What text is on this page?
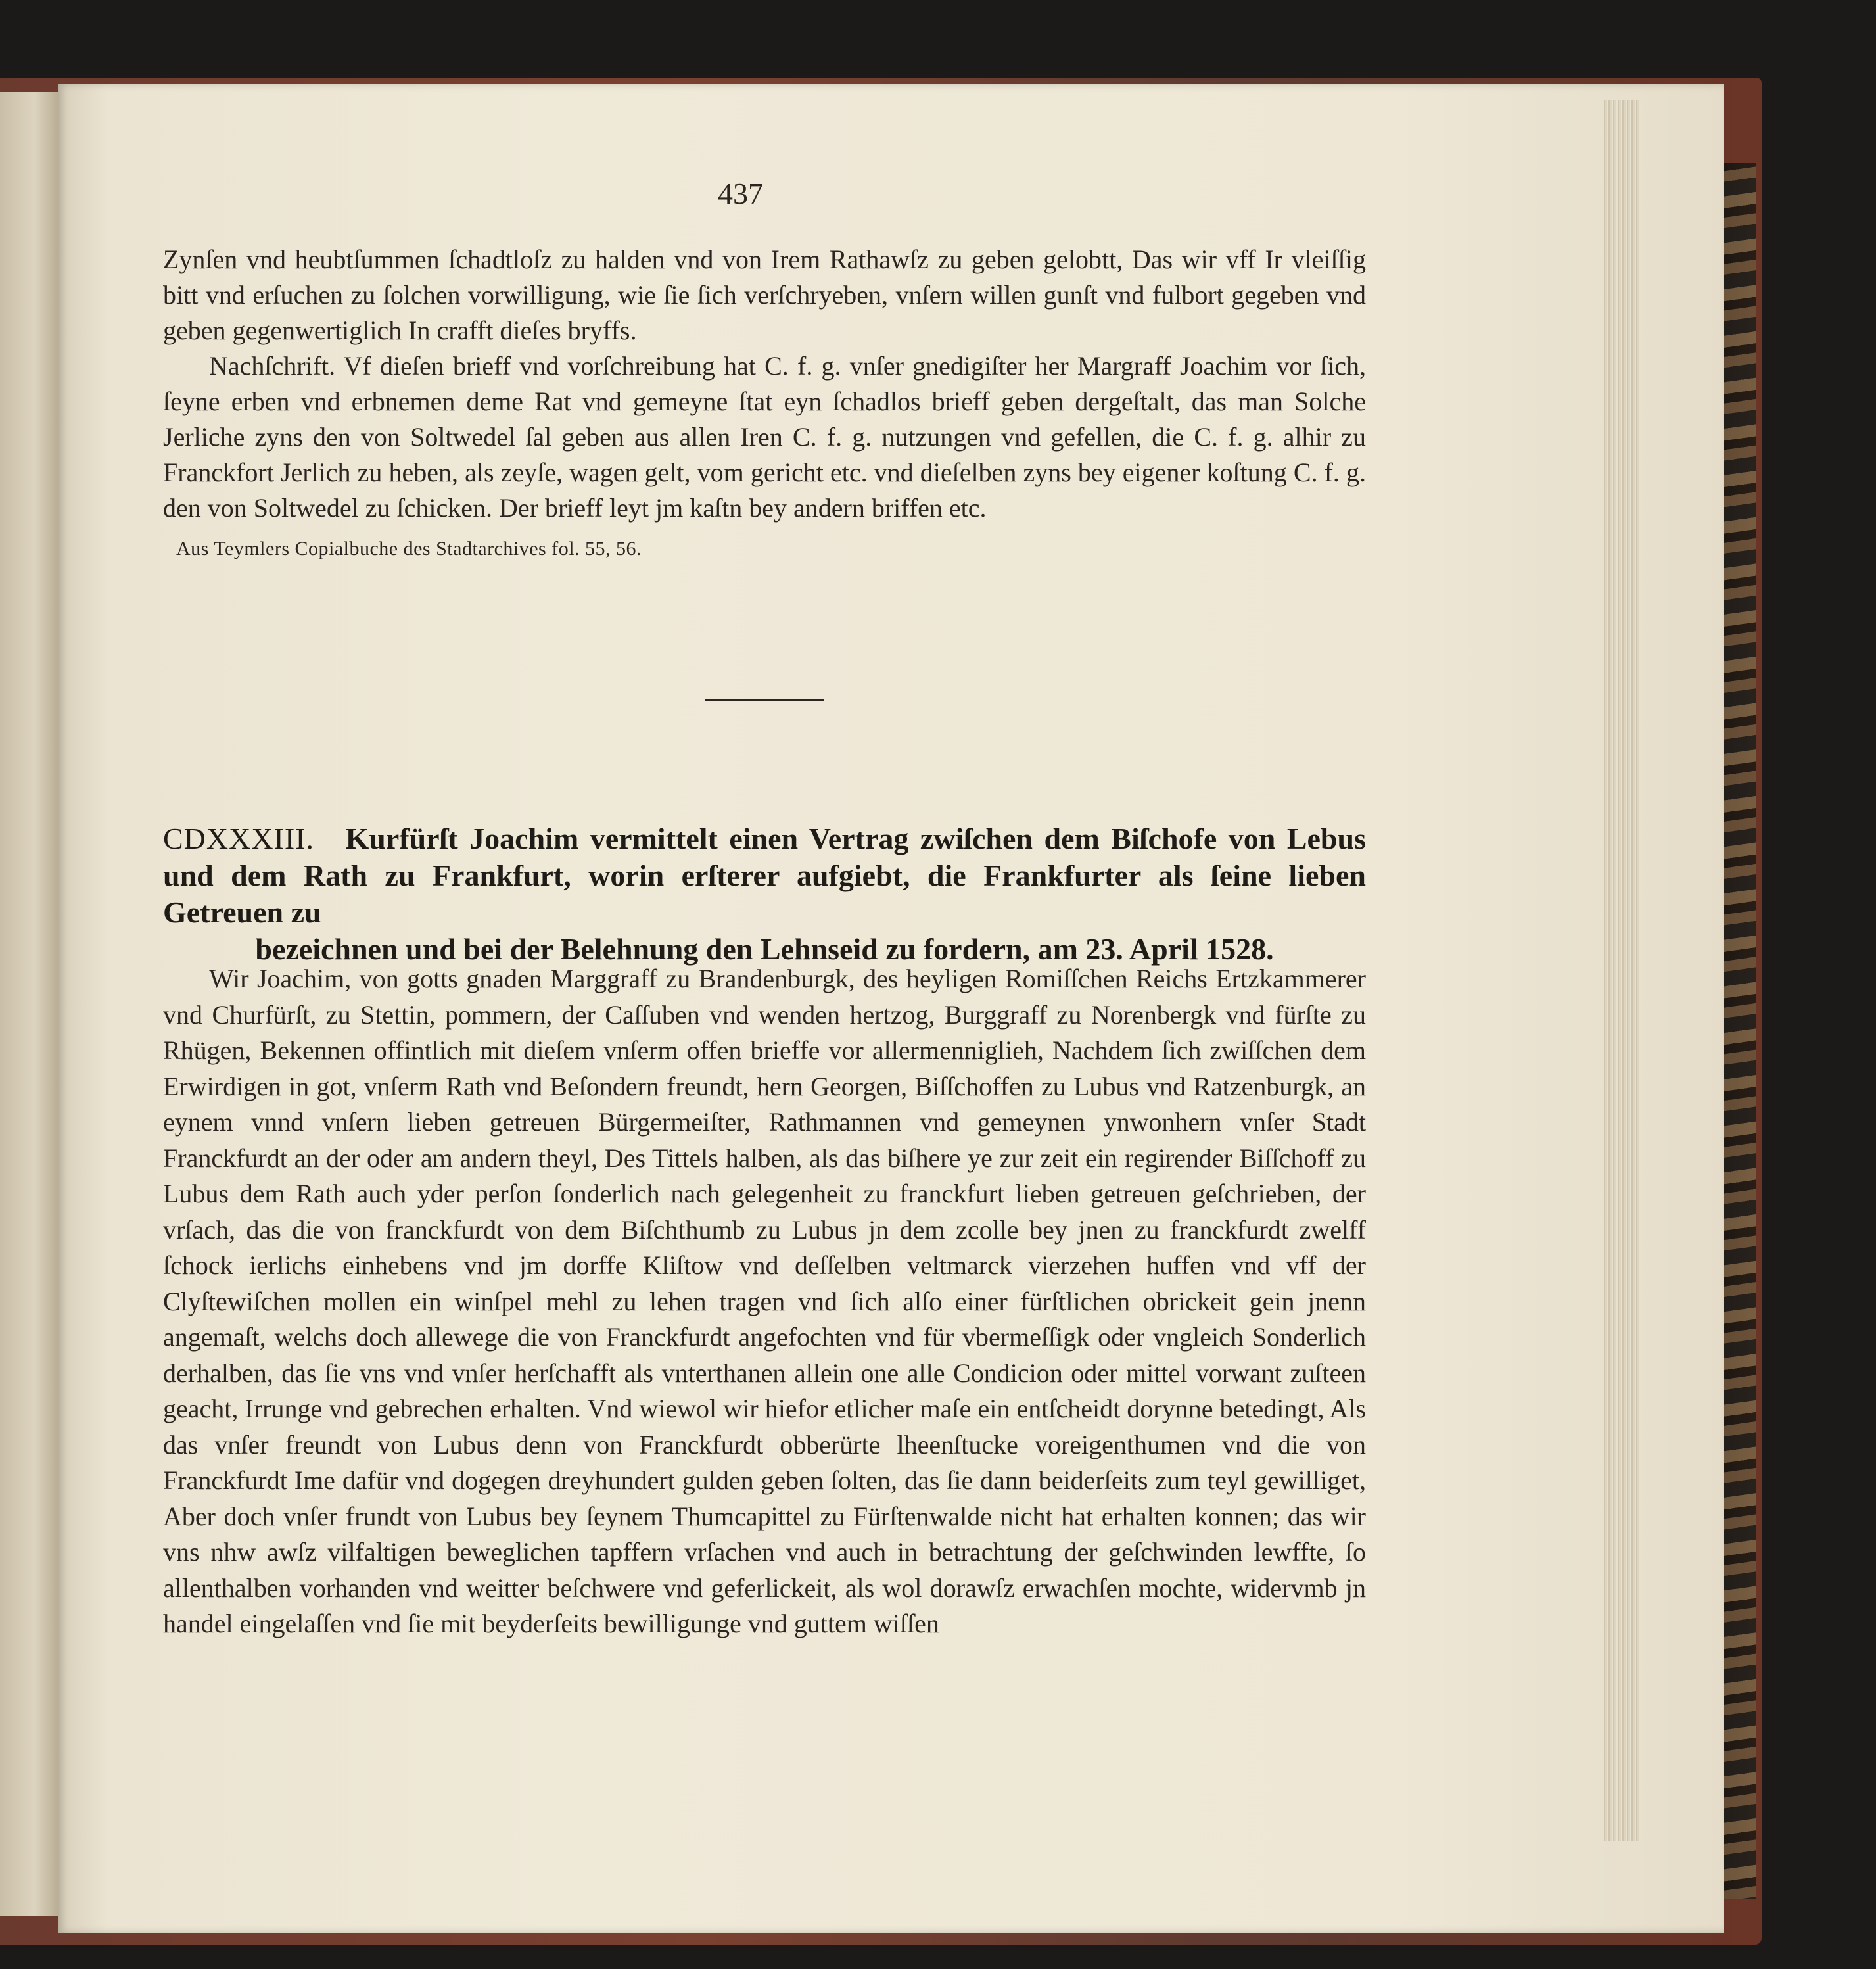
437

Zynſen vnd heubtſummen ſchadtloſz zu halden vnd von Irem Rathawſz zu geben gelobtt, Das wir vff Ir vleiſſig bitt vnd erſuchen zu ſolchen vorwilligung, wie ſie ſich verſchryeben, vnſern willen gunſt vnd fulbort gegeben vnd geben gegenwertiglich In crafft dieſes bryffs.

Nachſchrift. Vf dieſen brieff vnd vorſchreibung hat C. f. g. vnſer gnedigiſter her Margraff Joachim vor ſich, ſeyne erben vnd erbnemen deme Rat vnd gemeyne ſtat eyn ſchadlos brieff geben dergeſtalt, das man Solche Jerliche zyns den von Soltwedel ſal geben aus allen Iren C. f. g. nutzungen vnd gefellen, die C. f. g. alhir zu Franckfort Jerlich zu heben, als zeyſe, wagen gelt, vom gericht etc. vnd dieſelben zyns bey eigener koſtung C. f. g. den von Soltwedel zu ſchicken. Der brieff leyt jm kaſtn bey andern briffen etc.

Aus Teymlers Copialbuche des Stadtarchives fol. 55, 56.

CDXXXIII. Kurfürſt Joachim vermittelt einen Vertrag zwiſchen dem Biſchofe von Lebus und dem Rath zu Frankfurt, worin erſterer aufgiebt, die Frankfurter als ſeine lieben Getreuen zu
bezeichnen und bei der Belehnung den Lehnseid zu fordern, am 23. April 1528.

Wir Joachim, von gotts gnaden Marggraff zu Brandenburgk, des heyligen Romiſſchen Reichs Ertzkammerer vnd Churfürſt, zu Stettin, pommern, der Caſſuben vnd wenden hertzog, Burggraff zu Norenbergk vnd fürſte zu Rhügen, Bekennen offintlich mit dieſem vnſerm offen brieffe vor allermenniglieh, Nachdem ſich zwiſſchen dem Erwirdigen in got, vnſerm Rath vnd Beſondern freundt, hern Georgen, Biſſchoffen zu Lubus vnd Ratzenburgk, an eynem vnnd vnſern lieben getreuen Bürgermeiſter, Rathmannen vnd gemeynen ynwonhern vnſer Stadt Franckfurdt an der oder am andern theyl, Des Tittels halben, als das biſhere ye zur zeit ein regirender Biſſchoff zu Lubus dem Rath auch yder perſon ſonderlich nach gelegenheit zu franckfurt lieben getreuen geſchrieben, der vrſach, das die von franckfurdt von dem Biſchthumb zu Lubus jn dem zcolle bey jnen zu franckfurdt zwelff ſchock ierlichs einhebens vnd jm dorffe Kliſtow vnd deſſelben veltmarck vierzehen huffen vnd vff der Clyſtewiſchen mollen ein winſpel mehl zu lehen tragen vnd ſich alſo einer fürſtlichen obrickeit gein jnenn angemaſt, welchs doch allewege die von Franckfurdt angefochten vnd für vbermeſſigk oder vngleich Sonderlich derhalben, das ſie vns vnd vnſer herſchafft als vnterthanen allein one alle Condicion oder mittel vorwant zuſteen geacht, Irrunge vnd gebrechen erhalten. Vnd wiewol wir hiefor etlicher maſe ein entſcheidt dorynne betedingt, Als das vnſer freundt von Lubus denn von Franckfurdt obberürte lheenſtucke voreigenthumen vnd die von Franckfurdt Ime dafür vnd dogegen dreyhundert gulden geben ſolten, das ſie dann beiderſeits zum teyl gewilliget, Aber doch vnſer frundt von Lubus bey ſeynem Thumcapittel zu Fürſtenwalde nicht hat erhalten konnen; das wir vns nhw awſz vilfaltigen beweglichen tapffern vrſachen vnd auch in betrachtung der geſchwinden lewffte, ſo allenthalben vorhanden vnd weitter beſchwere vnd geferlickeit, als wol dorawſz erwachſen mochte, widervmb jn handel eingelaſſen vnd ſie mit beyderſeits bewilligunge vnd guttem wiſſen
